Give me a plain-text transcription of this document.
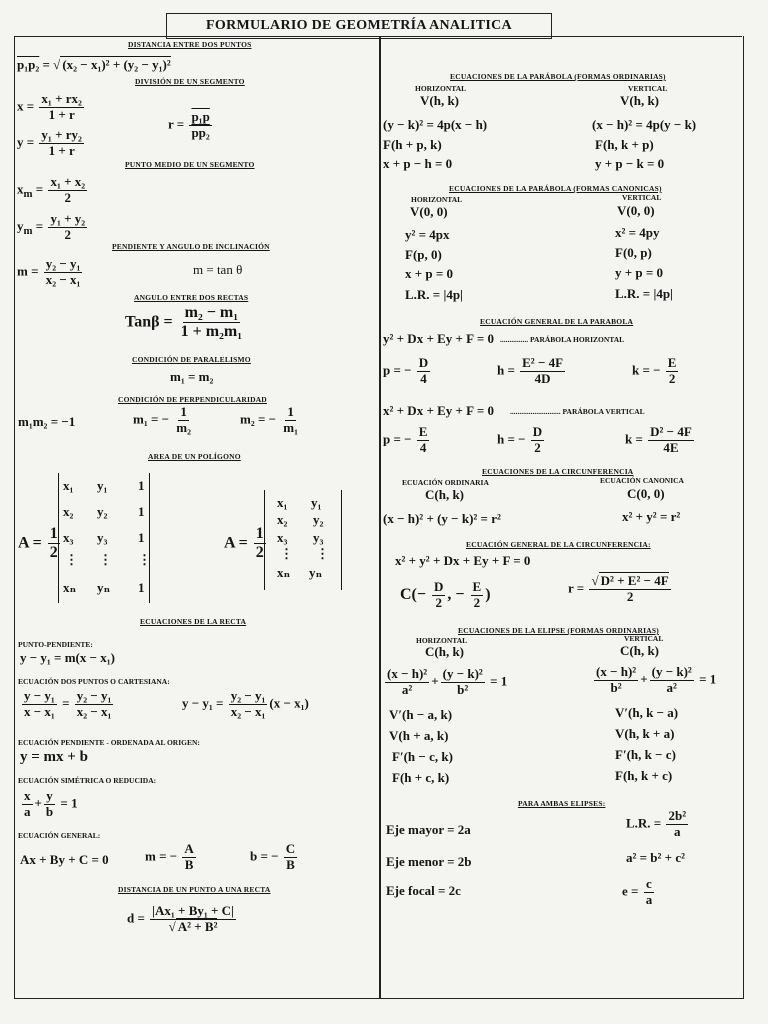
FORMULARIO DE GEOMETRÍA ANALITICA
DISTANCIA ENTRE DOS PUNTOS
p₁p₂ = √ (x₂ − x₁)² + (y₂ − y₁)²
DIVISIÓN DE UN SEGMENTO
$x = \frac{\text{x₁ + rx₂}}{1 + r}$
$y = \frac{\text{y₁ + ry₂}}{1 + r}$
$r = \frac{\text{p₁p}}{\text{pp₂}}$
PUNTO MEDIO DE UN SEGMENTO
$x_m = \frac{\text{x₁ + x₂}}{2}$
$y_m = \frac{\text{y₁ + y₂}}{2}$
PENDIENTE Y ANGULO DE INCLINACIÓN
$m = \frac{\text{y₂ − y₁}}{\text{x₂ − x₁}}$	m = tan θ
ANGULO ENTRE DOS RECTAS
$Tan\beta = \frac{\text{m₂ − m₁}}{\text{1 + m₂m₁}}$
CONDICIÓN DE PARALELISMO
m₁ = m₂
CONDICIÓN DE PERPENDICULARIDAD
m₁m₂ = −1	m₁ = − $\frac{1}{\text{m₂}}$	m₂ = − $\frac{1}{\text{m₁}}$
AREA DE UN POLÍGONO
$A = \frac{1}{2}$
x₁ y₁ 1
x₂ y₂ 1
x₃ y₃ 1
⋮ ⋮ ⋮
xₙ yₙ 1
$A = \frac{1}{2}$
x₁ y₁
x₂ y₂
x₃ y₃
⋮ ⋮
xₙ yₙ
ECUACIONES DE LA RECTA
PUNTO-PENDIENTE:
y − y₁ = m(x − x₁)
ECUACIÓN DOS PUNTOS O CARTESIANA:
$\frac{\text{y − y₁}}{\text{x − x₁}} = \frac{\text{y₂ − y₁}}{\text{x₂ − x₁}}$	$y - y_1 = \frac{\text{y₂ − y₁}}{\text{x₂ − x₁}} (x - x_1)$
ECUACIÓN PENDIENTE - ORDENADA AL ORIGEN:
y = mx + b
ECUACIÓN SIMÉTRICA O REDUCIDA:
$\frac{x}{a} + \frac{y}{b} = 1$
ECUACIÓN GENERAL:
Ax + By + C = 0	m = − $\frac{A}{B}$	b = − $\frac{C}{B}$
DISTANCIA DE UN PUNTO A UNA RECTA
$d = \frac{\text{|Ax₁ + By₁ + C|}}{\text{√ A² + B²}}$
ECUACIONES DE LA PARÁBOLA (FORMAS ORDINARIAS)
HORIZONTAL	VERTICAL
V(h, k)	V(h, k)
(y − k)² = 4p(x − h)	(x − h)² = 4p(y − k)
F(h + p, k)	F(h, k + p)
x + p − h = 0	y + p − k = 0
ECUACIONES DE LA PARÁBOLA (FORMAS CANONICAS)
HORIZONTAL	VERTICAL
V(0, 0)	V(0, 0)
y² = 4px	x² = 4py
F(p, 0)	F(0, p)
x + p = 0	y + p = 0
L.R. = |4p|	L.R. = |4p|
ECUACIÓN GENERAL DE LA PARABOLA
y² + Dx + Ey + F = 0 ............... PARÁBOLA HORIZONTAL
p = − $\frac{D}{4}$	$h = \frac{\text{E² − 4F}}{4D}$	k = − $\frac{E}{2}$
x² + Dx + Ey + F = 0 ........................... PARÁBOLA VERTICAL
p = − $\frac{E}{4}$	h = − $\frac{D}{2}$	$k = \frac{\text{D² − 4F}}{4E}$
ECUACIONES DE LA CIRCUNFERENCIA
ECUACIÓN ORDINARIA	ECUACIÓN CANONICA
C(h, k)	C(0, 0)
(x − h)² + (y − k)² = r²	x² + y² = r²
ECUACIÓN GENERAL DE LA CIRCUNFERENCIA:
x² + y² + Dx + Ey + F = 0
$C(- \frac{D}{2}$ , − $\frac{E}{2}$ )	$r = \frac{\text{√ D² + E² − 4F}}{2}$
ECUACIONES DE LA ELIPSE (FORMAS ORDINARIAS)
HORIZONTAL	VERTICAL
C(h, k)	C(h, k)
$\frac{\text{(x − h)²}}{\text{a²}} + \frac{\text{(y − k)²}}{\text{b²}} = 1$	$\frac{\text{(x − h)²}}{\text{b²}} + \frac{\text{(y − k)²}}{\text{a²}} = 1$
V′(h − a, k)	V′(h, k − a)
V(h + a, k)	V(h, k + a)
F′(h − c, k)	F′(h, k − c)
F(h + c, k)	F(h, k + c)
PARA AMBAS ELIPSES:
Eje mayor = 2a	L.R. = $\frac{\text{2b²}}{a}$
Eje menor = 2b	a² = b² + c²
Eje focal = 2c	$e = \frac{c}{a}$
